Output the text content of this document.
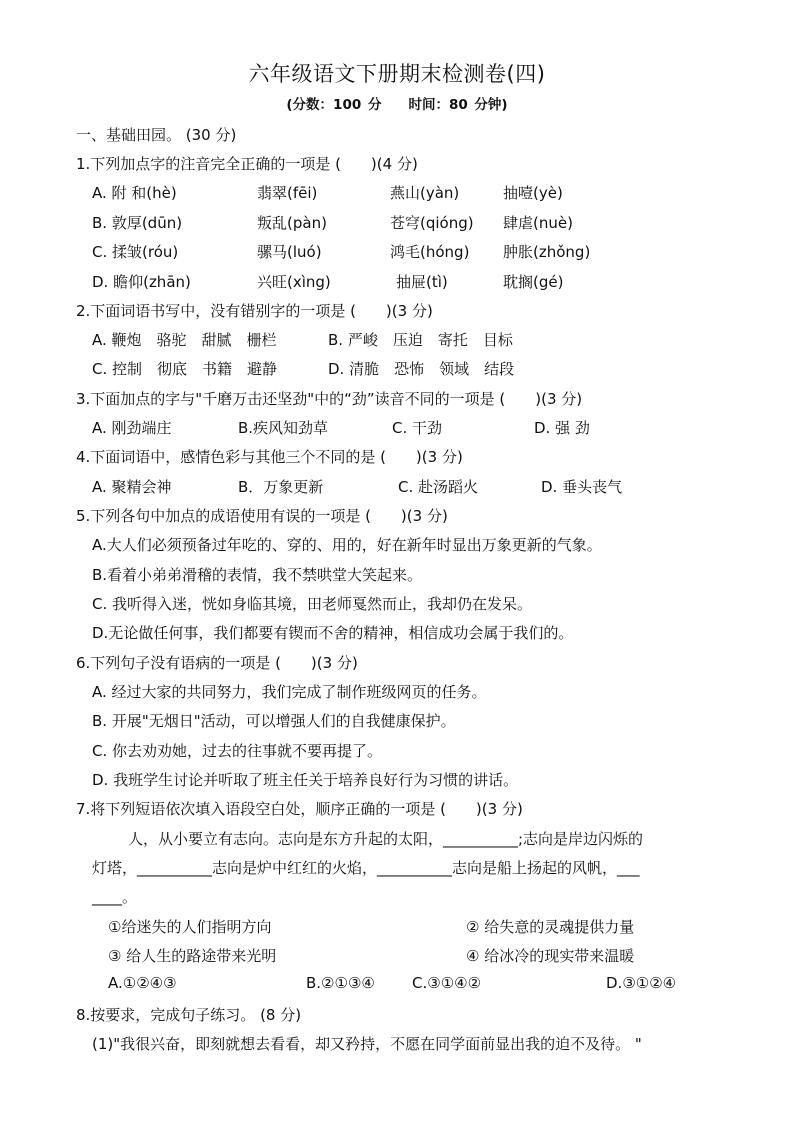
六年级语文下册期末检测卷(四)
(分数：100 分　　时间：80 分钟)
一、基础田园。 (30 分)
1.下列加点字的注音完全正确的一项是 (　　)(4 分)
A. 附 和(hè)	翡翠(fēi)	燕山(yàn)	抽噎(yè)
B. 敦厚(dūn)	叛乱(pàn)	苍穹(qióng) 肆虐(nuè)
C. 揉皱(róu)	骡马(luó)	鸿毛(hóng) 肿胀(zhǒng)
D. 瞻仰(zhān)	兴旺(xìng)	抽屉(tì)	耽搁(gé)
2.下面词语书写中，没有错别字的一项是 (　　)(3 分)
A. 鞭炮　骆驼　甜腻　栅栏	B. 严峻　压迫　寄托　目标
C. 控制　彻底　书籍　避静	D. 清脆　恐怖　领域　结段
3.下面加点的字与"千磨万击还坚劲"中的“劲”读音不同的一项是 (　　)(3 分)
A. 刚劲端庄	B.疾风知劲草	C. 干劲	D. 强 劲
4.下面词语中，感情色彩与其他三个不同的是 (　　)(3 分)
A. 聚精会神	B．万象更新	C. 赴汤蹈火	D. 垂头丧气
5.下列各句中加点的成语使用有误的一项是 (　　)(3 分)
A.大人们必须预备过年吃的、穿的、用的，好在新年时显出万象更新的气象。
B.看着小弟弟滑稽的表情，我不禁哄堂大笑起来。
C. 我听得入迷，恍如身临其境，田老师戛然而止，我却仍在发呆。
D.无论做任何事，我们都要有锲而不舍的精神，相信成功会属于我们的。
6.下列句子没有语病的一项是 (　　)(3 分)
A. 经过大家的共同努力，我们完成了制作班级网页的任务。
B. 开展"无烟日"活动，可以增强人们的自我健康保护。
C. 你去劝劝她，过去的往事就不要再提了。
D. 我班学生讨论并听取了班主任关于培养良好行为习惯的讲话。
7.将下列短语依次填入语段空白处，顺序正确的一项是 (　　)(3 分)
人，从小要立有志向。志向是东方升起的太阳，__________;志向是岸边闪烁的
灯塔，__________志向是炉中红红的火焰，__________志向是船上扬起的风帆，___
____。
①给迷失的人们指明方向	② 给失意的灵魂提供力量
③ 给人生的路途带来光明	④ 给冰冷的现实带来温暖
A.①②④③	B.②①③④ C.③①④②	D.③①②④
8.按要求，完成句子练习。 (8 分)
(1)"我很兴奋，即刻就想去看看，却又矜持，不愿在同学面前显出我的迫不及待。 "
